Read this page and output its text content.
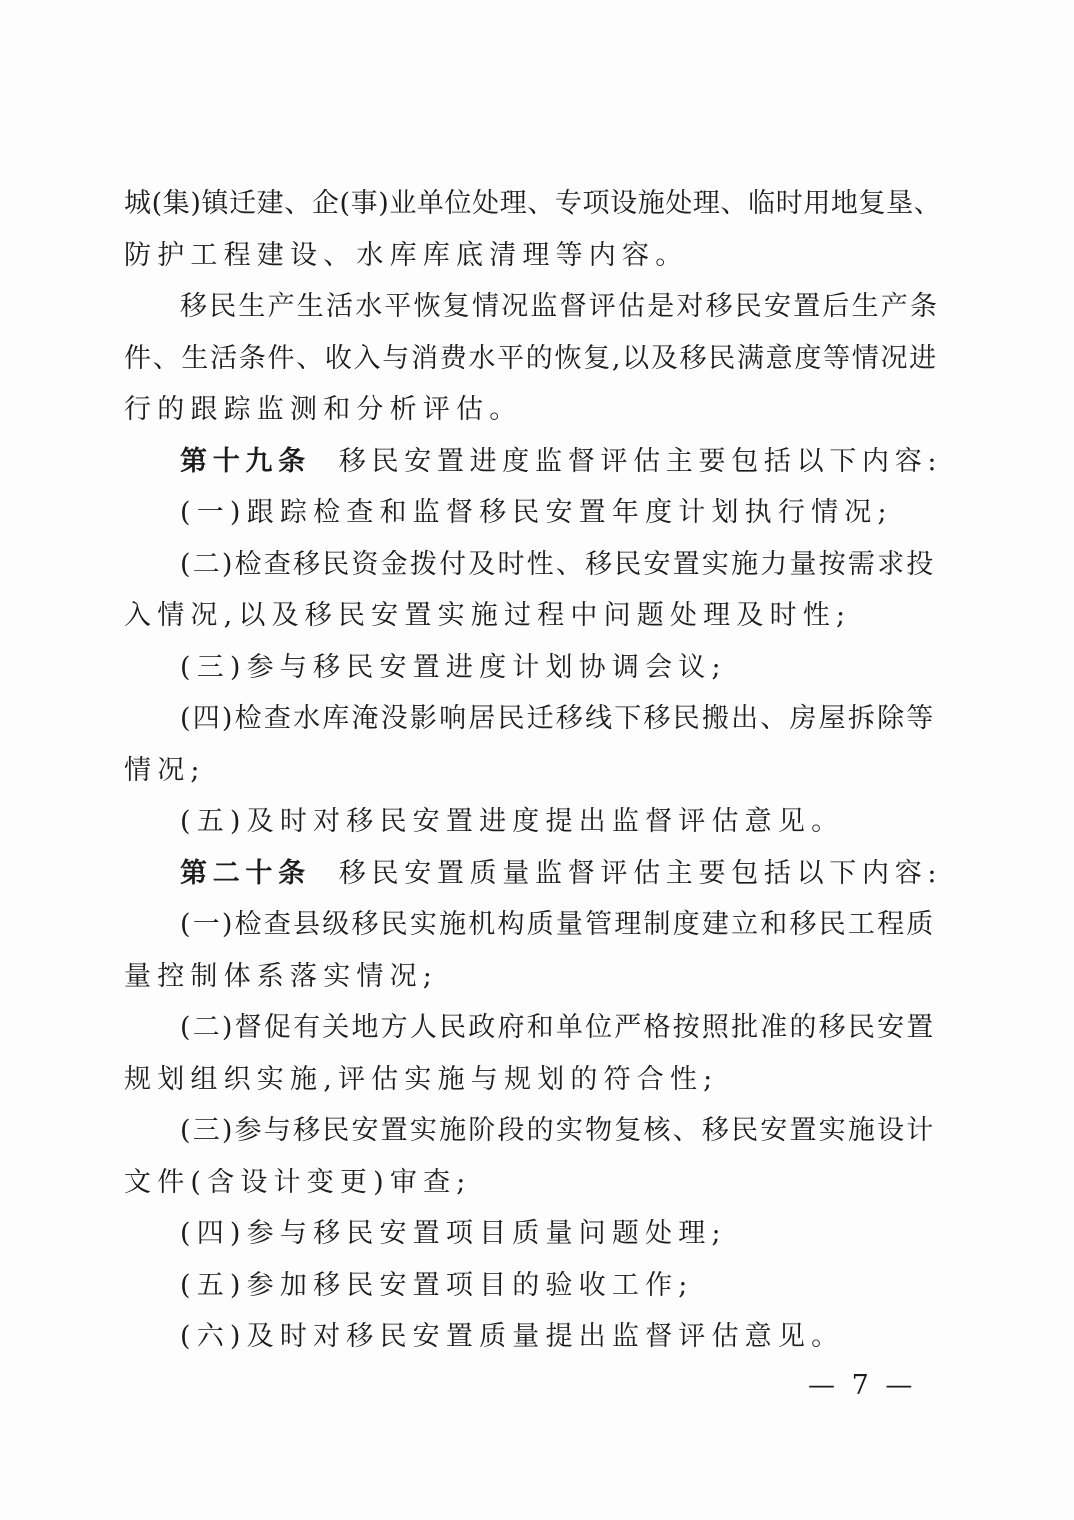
城(集)镇迁建、企(事)业单位处理、专项设施处理、临时用地复垦、
防护工程建设、水库库底清理等内容。
移民生产生活水平恢复情况监督评估是对移民安置后生产条
件、生活条件、收入与消费水平的恢复,以及移民满意度等情况进
行的跟踪监测和分析评估。
第十九条 移民安置进度监督评估主要包括以下内容:
(一)跟踪检查和监督移民安置年度计划执行情况;
(二)检查移民资金拨付及时性、移民安置实施力量按需求投
入情况,以及移民安置实施过程中问题处理及时性;
(三)参与移民安置进度计划协调会议;
(四)检查水库淹没影响居民迁移线下移民搬出、房屋拆除等
情况;
(五)及时对移民安置进度提出监督评估意见。
第二十条 移民安置质量监督评估主要包括以下内容:
(一)检查县级移民实施机构质量管理制度建立和移民工程质
量控制体系落实情况;
(二)督促有关地方人民政府和单位严格按照批准的移民安置
规划组织实施,评估实施与规划的符合性;
(三)参与移民安置实施阶段的实物复核、移民安置实施设计
文件(含设计变更)审查;
(四)参与移民安置项目质量问题处理;
(五)参加移民安置项目的验收工作;
(六)及时对移民安置质量提出监督评估意见。
— 7 —
